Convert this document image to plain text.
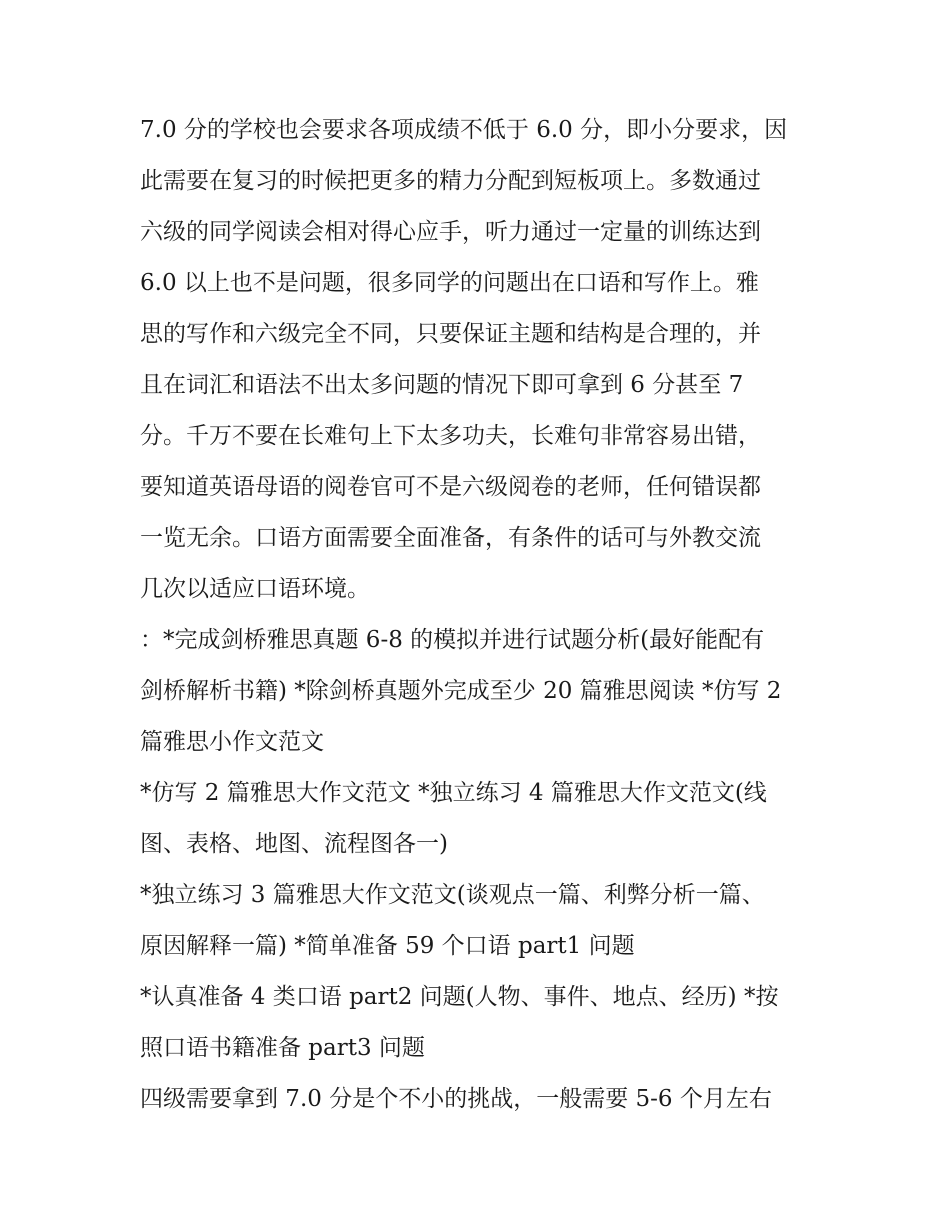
7.0 分的学校也会要求各项成绩不低于 6.0 分，即小分要求，因
此需要在复习的时候把更多的精力分配到短板项上。多数通过
六级的同学阅读会相对得心应手，听力通过一定量的训练达到
6.0 以上也不是问题，很多同学的问题出在口语和写作上。雅
思的写作和六级完全不同，只要保证主题和结构是合理的，并
且在词汇和语法不出太多问题的情况下即可拿到 6 分甚至 7
分。千万不要在长难句上下太多功夫，长难句非常容易出错，
要知道英语母语的阅卷官可不是六级阅卷的老师，任何错误都
一览无余。口语方面需要全面准备，有条件的话可与外教交流
几次以适应口语环境。
：*完成剑桥雅思真题 6-8 的模拟并进行试题分析(最好能配有
剑桥解析书籍) *除剑桥真题外完成至少 20 篇雅思阅读 *仿写 2
篇雅思小作文范文
*仿写 2 篇雅思大作文范文 *独立练习 4 篇雅思大作文范文(线
图、表格、地图、流程图各一)
*独立练习 3 篇雅思大作文范文(谈观点一篇、利弊分析一篇、
原因解释一篇) *简单准备 59 个口语 part1 问题
*认真准备 4 类口语 part2 问题(人物、事件、地点、经历) *按
照口语书籍准备 part3 问题
四级需要拿到 7.0 分是个不小的挑战，一般需要 5-6 个月左右
